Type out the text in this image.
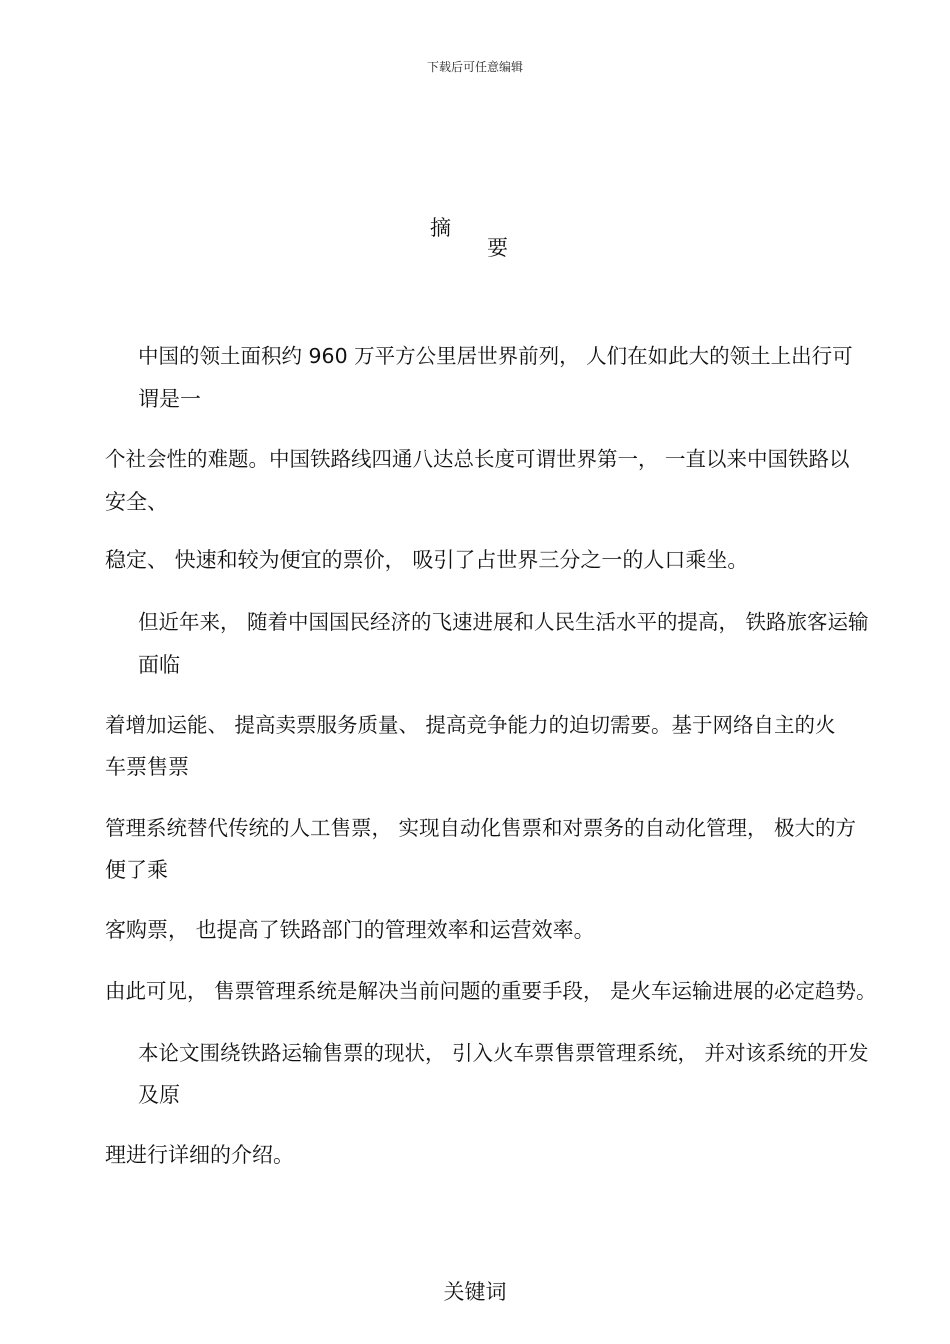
下载后可任意编辑
摘
要
中国的领土面积约 960 万平方公里居世界前列， 人们在如此大的领土上出行可
谓是一
个社会性的难题。中国铁路线四通八达总长度可谓世界第一， 一直以来中国铁路以
安全、
稳定、 快速和较为便宜的票价， 吸引了占世界三分之一的人口乘坐。
但近年来， 随着中国国民经济的飞速进展和人民生活水平的提高， 铁路旅客运输
面临
着增加运能、 提高卖票服务质量、 提高竞争能力的迫切需要。基于网络自主的火
车票售票
管理系统替代传统的人工售票， 实现自动化售票和对票务的自动化管理， 极大的方
便了乘
客购票， 也提高了铁路部门的管理效率和运营效率。
由此可见， 售票管理系统是解决当前问题的重要手段， 是火车运输进展的必定趋势。
本论文围绕铁路运输售票的现状， 引入火车票售票管理系统， 并对该系统的开发
及原
理进行详细的介绍。
关键词
